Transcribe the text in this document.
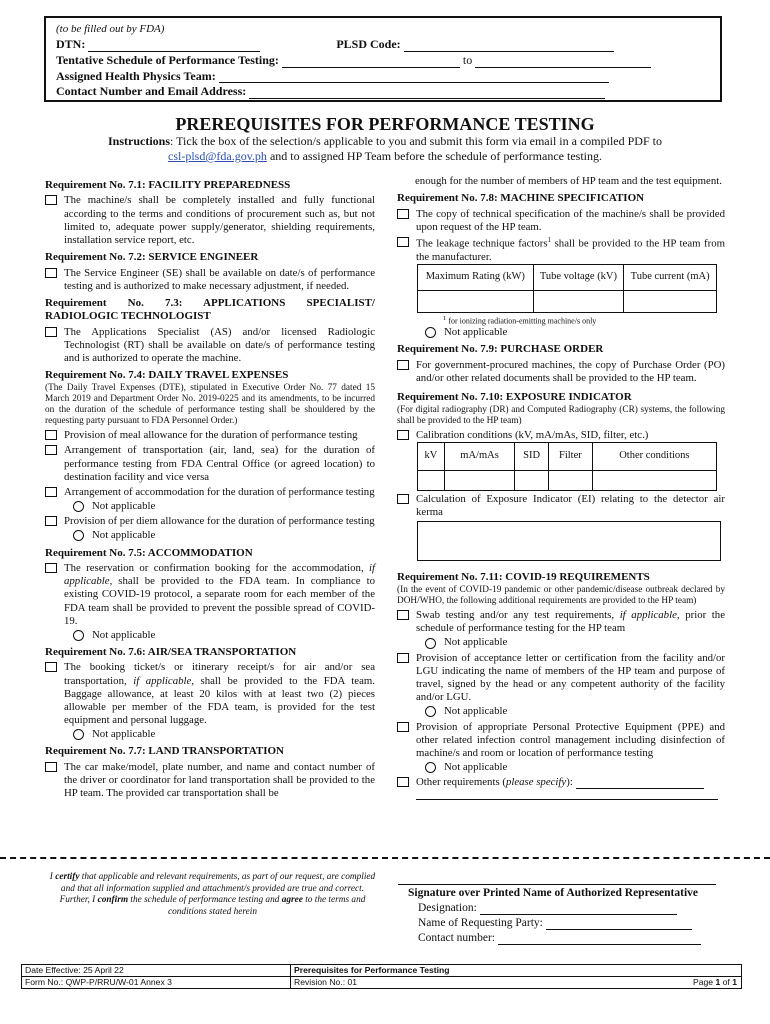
(to be filled out by FDA)
DTN:	PLSD Code:
Tentative Schedule of Performance Testing:	to
Assigned Health Physics Team:
Contact Number and Email Address:
PREREQUISITES FOR PERFORMANCE TESTING
Instructions: Tick the box of the selection/s applicable to you and submit this form via email in a compiled PDF to
csl-plsd@fda.gov.ph and to assigned HP Team before the schedule of performance testing.
Requirement No. 7.1: FACILITY PREPAREDNESS
The machine/s shall be completely installed and fully functional according to the terms and conditions of procurement such as, but not limited to, adequate power supply/generator, shielding requirements, installation service report, etc.
Requirement No. 7.2: SERVICE ENGINEER
The Service Engineer (SE) shall be available on date/s of performance testing and is authorized to make necessary adjustment, if needed.
Requirement No. 7.3: APPLICATIONS SPECIALIST/
RADIOLOGIC TECHNOLOGIST
The Applications Specialist (AS) and/or licensed Radiologic Technologist (RT) shall be available on date/s of performance testing and is authorized to operate the machine.
Requirement No. 7.4: DAILY TRAVEL EXPENSES
(The Daily Travel Expenses (DTE), stipulated in Executive Order No. 77 dated 15 March 2019 and Department Order No. 2019-0225 and its amendments, to be incurred on the duration of the schedule of performance testing shall be shouldered by the requesting party pursuant to FDA Personnel Order.)
Provision of meal allowance for the duration of performance testing
Arrangement of transportation (air, land, sea) for the duration of performance testing from FDA Central Office (or agreed location) to destination facility and vice versa
Arrangement of accommodation for the duration of performance testing
Not applicable
Provision of per diem allowance for the duration of performance testing
Not applicable
Requirement No. 7.5: ACCOMMODATION
The reservation or confirmation booking for the accommodation, if applicable, shall be provided to the FDA team. In compliance to existing COVID-19 protocol, a separate room for each member of the FDA team shall be provided to prevent the possible spread of COVID-19.
Not applicable
Requirement No. 7.6: AIR/SEA TRANSPORTATION
The booking ticket/s or itinerary receipt/s for air and/or sea transportation, if applicable, shall be provided to the FDA team. Baggage allowance, at least 20 kilos with at least two (2) pieces allowable per member of the FDA team, is provided for the test equipment and personal luggage.
Not applicable
Requirement No. 7.7: LAND TRANSPORTATION
The car make/model, plate number, and name and contact number of the driver or coordinator for land transportation shall be provided to the HP team. The provided car transportation shall be
enough for the number of members of HP team and the test equipment.
Requirement No. 7.8: MACHINE SPECIFICATION
The copy of technical specification of the machine/s shall be provided upon request of the HP team.
The leakage technique factors$^1$ shall be provided to the HP team from the manufacturer.
Maximum Rating (kW)	Tube voltage (kV)	Tube current (mA)

$^1$ for ionizing radiation-emitting machine/s only
Not applicable
Requirement No. 7.9: PURCHASE ORDER
For government-procured machines, the copy of Purchase Order (PO) and/or other related documents shall be provided to the HP team.
Requirement No. 7.10: EXPOSURE INDICATOR
(For digital radiography (DR) and Computed Radiography (CR) systems, the following shall be provided to the HP team)
Calibration conditions (kV, mA/mAs, SID, filter, etc.)
kV	mA/mAs	SID	Filter	Other conditions

Calculation of Exposure Indicator (EI) relating to the detector air kerma
Requirement No. 7.11: COVID-19 REQUIREMENTS
(In the event of COVID-19 pandemic or other pandemic/disease outbreak declared by DOH/WHO, the following additional requirements are provided to the HP team)
Swab testing and/or any test requirements, if applicable, prior the schedule of performance testing for the HP team
Not applicable
Provision of acceptance letter or certification from the facility and/or LGU indicating the name of members of the HP team and purpose of travel, signed by the head or any competent authority of the facility and/or LGU.
Not applicable
Provision of appropriate Personal Protective Equipment (PPE) and other related infection control management including disinfection of machine/s and room or location of performance testing
Not applicable
Other requirements (please specify):
I certify that applicable and relevant requirements, as part of our request, are complied and that all information supplied and attachment/s provided are true and correct. Further, I confirm the schedule of performance testing and agree to the terms and conditions stated herein
Signature over Printed Name of Authorized Representative
Designation:
Name of Requesting Party:
Contact number:
Date Effective: 25 April 22	Prerequisites for Performance Testing	
Form No.: QWP-P/RRU/W-01 Annex 3	Revision No.: 01 Page 1 of 1	
